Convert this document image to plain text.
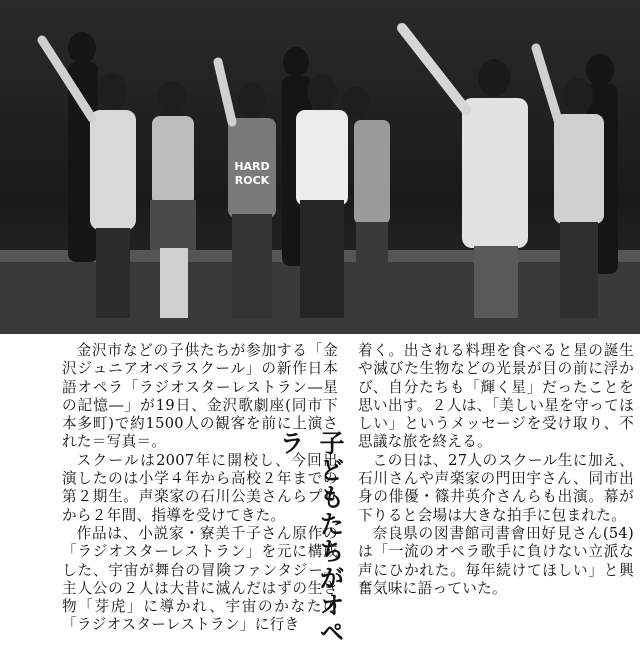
HARD
ROCK

金沢市などの子供たちが参加する「金沢ジュニアオペラスクール」の新作日本語オペラ「ラジオスターレストラン―星の記憶―」が19日、金沢歌劇座(同市下本多町)で約1500人の観客を前に上演された＝写真＝。

スクールは2007年に開校し、今回出演したのは小学４年から高校２年までの第２期生。声楽家の石川公美さんらプロから２年間、指導を受けてきた。

作品は、小説家・寮美千子さん原作の「ラジオスターレストラン」を元に構成した、宇宙が舞台の冒険ファンタジー。主人公の２人は大昔に滅んだはずの生き物「芽虎」に導かれ、宇宙のかなたの「ラジオスターレストラン」に行き 子どもたちがオペラ

着く。出される料理を食べると星の誕生や滅びた生物などの光景が目の前に浮かび、自分たちも「輝く星」だったことを思い出す。２人は、「美しい星を守ってほしい」というメッセージを受け取り、不思議な旅を終える。

この日は、27人のスクール生に加え、石川さんや声楽家の門田宇さん、同市出身の俳優・篠井英介さんらも出演。幕が下りると会場は大きな拍手に包まれた。

奈良県の図書館司書會田好見さん(54)は「一流のオペラ歌手に負けない立派な声にひかれた。毎年続けてほしい」と興奮気味に語っていた。
